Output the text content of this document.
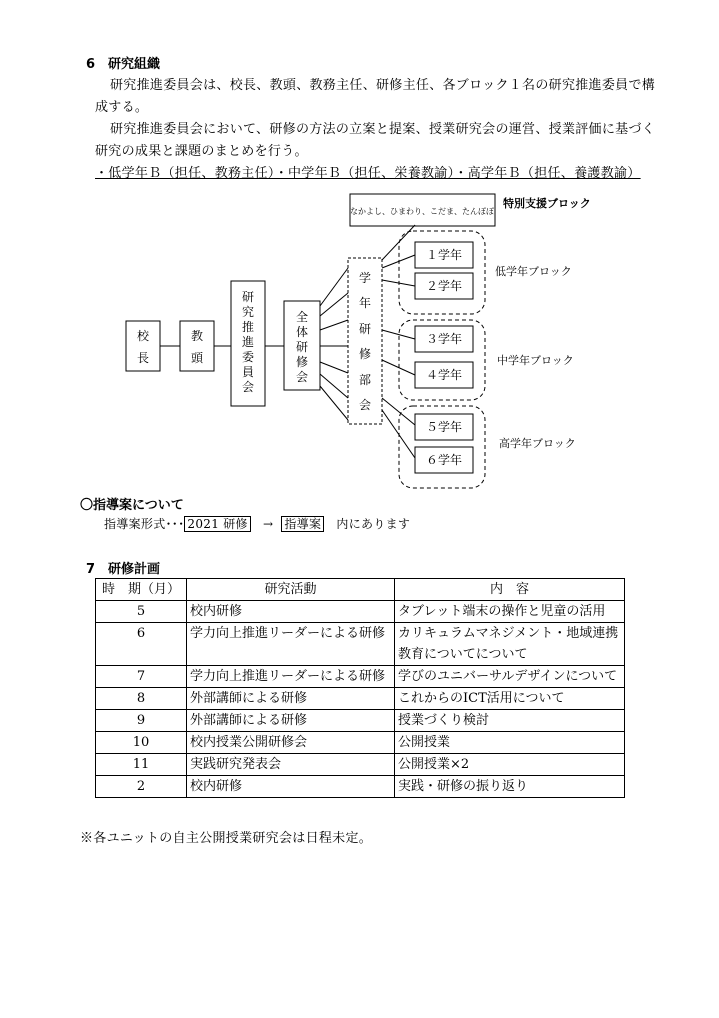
6　研究組織
研究推進委員会は、校長、教頭、教務主任、研修主任、各ブロック１名の研究推進委員で構
成する。
研究推進委員会において、研修の方法の立案と提案、授業研究会の運営、授業評価に基づく
研究の成果と課題のまとめを行う。
・低学年Ｂ（担任、教務主任）・中学年Ｂ（担任、栄養教諭）・高学年Ｂ（担任、養護教諭）
校
長
教
頭
研
究
推
進
委
員
会
全
体
研
修
会
学
年
研
修
部
会
なかよし、ひまわり、こだま、たんぽぽ
特別支援ブロック
１学年
２学年
３学年
４学年
５学年
６学年
低学年ブロック
中学年ブロック
高学年ブロック
〇指導案について
指導案形式･･･ 2021 研修 → 指導案 内にあります
7　研修計画
時　期（月）	研究活動	内　容
5	校内研修	タブレット端末の操作と児童の活用
6	学力向上推進リーダーによる研修	カリキュラムマネジメント・地域連携教育についてについて
7	学力向上推進リーダーによる研修	学びのユニバーサルデザインについて
8	外部講師による研修	これからのICT活用について
9	外部講師による研修	授業づくり検討
10	校内授業公開研修会	公開授業
11	実践研究発表会	公開授業×2
2	校内研修	実践・研修の振り返り
※各ユニットの自主公開授業研究会は日程未定。
